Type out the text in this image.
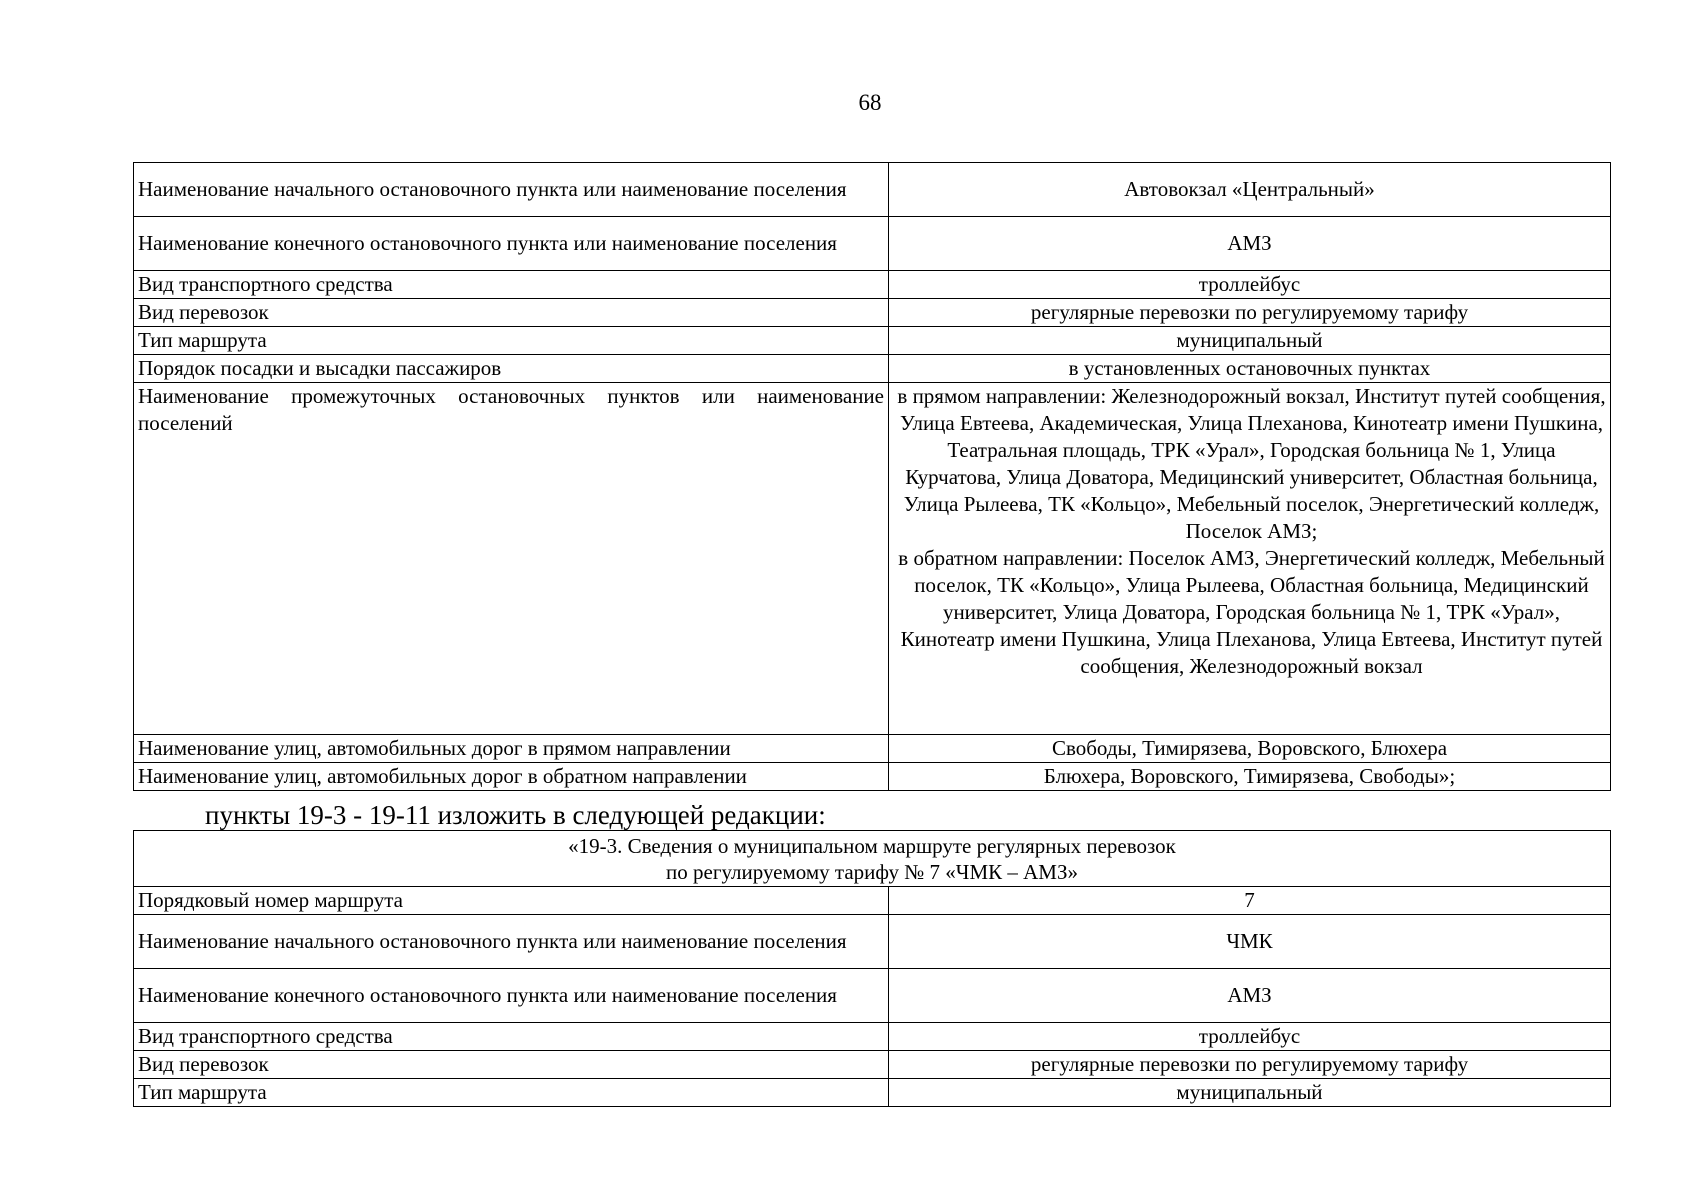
68
Наименование начального остановочного пункта или наименование поселения	Автовокзал «Центральный»
Наименование конечного остановочного пункта или наименование поселения	АМЗ
Вид транспортного средства	троллейбус
Вид перевозок	регулярные перевозки по регулируемому тарифу
Тип маршрута	муниципальный
Порядок посадки и высадки пассажиров	в установленных остановочных пунктах
Наименование промежуточных остановочных пунктов или наименование поселений	в прямом направлении: Железнодорожный вокзал, Институт путей сообщения, Улица Евтеева, Академическая, Улица Плеханова, Кинотеатр имени Пушкина, Театральная площадь, ТРК «Урал», Городская больница № 1, Улица Курчатова, Улица Доватора, Медицинский университет, Областная больница, Улица Рылеева, ТК «Кольцо», Мебельный поселок, Энергетический колледж, Поселок АМЗ;
в обратном направлении: Поселок АМЗ, Энергетический колледж, Мебельный поселок, ТК «Кольцо», Улица Рылеева, Областная больница, Медицинский университет, Улица Доватора, Городская больница № 1, ТРК «Урал», Кинотеатр имени Пушкина, Улица Плеханова, Улица Евтеева, Институт путей сообщения, Железнодорожный вокзал

Наименование улиц, автомобильных дорог в прямом направлении	Свободы, Тимирязева, Воровского, Блюхера
Наименование улиц, автомобильных дорог в обратном направлении	Блюхера, Воровского, Тимирязева, Свободы»;
пункты 19-3 - 19-11 изложить в следующей редакции:
«19-3. Сведения о муниципальном маршруте регулярных перевозок
по регулируемому тарифу № 7 «ЧМК – АМЗ»	

Порядковый номер маршрута	7
Наименование начального остановочного пункта или наименование поселения	ЧМК
Наименование конечного остановочного пункта или наименование поселения	АМЗ
Вид транспортного средства	троллейбус
Вид перевозок	регулярные перевозки по регулируемому тарифу
Тип маршрута	муниципальный
